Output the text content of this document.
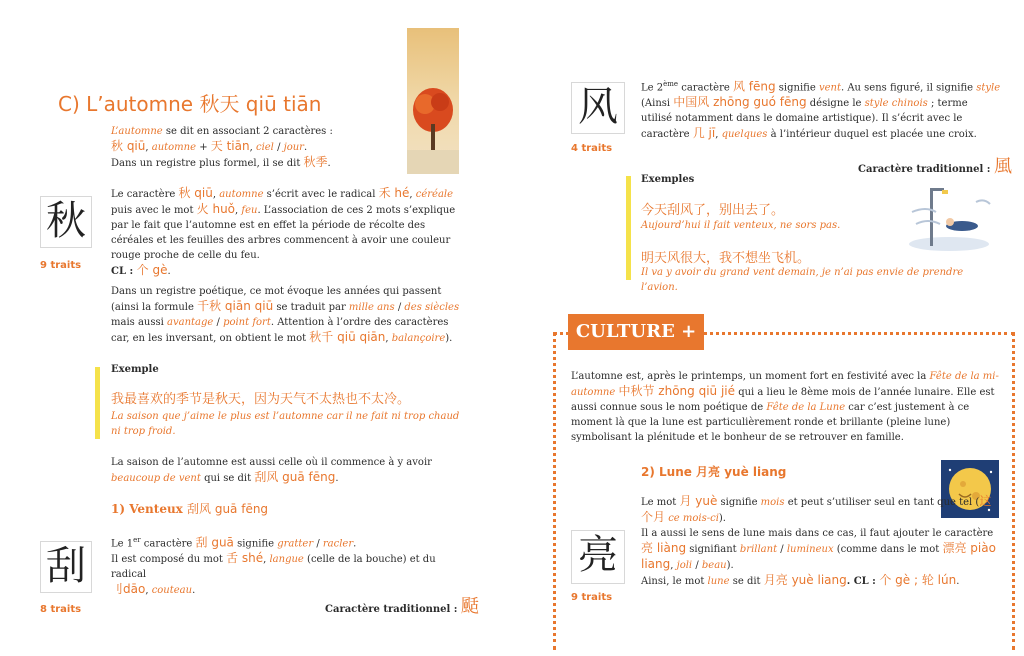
C) L’automne 秋天 qiū tiān
L’automne se dit en associant 2 caractères :
秋 qiū, automne + 天 tiān, ciel / jour.
Dans un registre plus formel, il se dit 秋季.
秋
9 traits
Le caractère 秋 qiū, automne s’écrit avec le radical 禾 hé, céréale puis avec le mot 火 huǒ, feu. L’association de ces 2 mots s’explique par le fait que l’automne est en effet la période de récolte des céréales et les feuilles des arbres commencent à avoir une couleur rouge proche de celle du feu.
CL : 个 gè.
Dans un registre poétique, ce mot évoque les années qui passent (ainsi la formule 千秋 qiān qiū se traduit par mille ans / des siècles mais aussi avantage / point fort. Attention à l’ordre des caractères car, en les inversant, on obtient le mot 秋千 qiū qiān, balançoire).
Exemple
我最喜欢的季节是秋天，因为天气不太热也不太冷。
La saison que j’aime le plus est l’automne car il ne fait ni trop chaud ni trop froid.
La saison de l’automne est aussi celle où il commence à y avoir beaucoup de vent qui se dit 刮风 guā fēng.
1) Venteux 刮风 guā fēng
刮
8 traits
Le 1er caractère 刮 guā signifie gratter / racler.
Il est composé du mot 舌 shé, langue (celle de la bouche) et du radical
刂dāo, couteau.
Caractère traditionnel : 颳
风
4 traits
Le 2ème caractère 风 fēng signifie vent. Au sens figuré, il signifie style (Ainsi 中国风 zhōng guó fēng désigne le style chinois ; terme utilisé notamment dans le domaine artistique). Il s’écrit avec le caractère 几 jī, quelques à l’intérieur duquel est placée une croix.
Caractère traditionnel : 風
Exemples
今天刮风了，别出去了。
Aujourd’hui il fait venteux, ne sors pas.
明天风很大，我不想坐飞机。
Il va y avoir du grand vent demain, je n’ai pas envie de prendre l’avion.
CULTURE +
L’automne est, après le printemps, un moment fort en festivité avec la Fête de la mi-automne 中秋节 zhōng qiū jié qui a lieu le 8ème mois de l’année lunaire. Elle est aussi connue sous le nom poétique de Fête de la Lune car c’est justement à ce moment là que la lune est particulièrement ronde et brillante (pleine lune) symbolisant la plénitude et le bonheur de se retrouver en famille.
2) Lune 月亮 yuè liang
亮
9 traits
Le mot 月 yuè signifie mois et peut s’utiliser seul en tant que tel (这个月 ce mois-ci).
Il a aussi le sens de lune mais dans ce cas, il faut ajouter le caractère 亮 liàng signifiant brillant / lumineux (comme dans le mot 漂亮 piào liang, joli / beau).
Ainsi, le mot lune se dit 月亮 yuè liang. CL : 个 gè ; 轮 lún.
